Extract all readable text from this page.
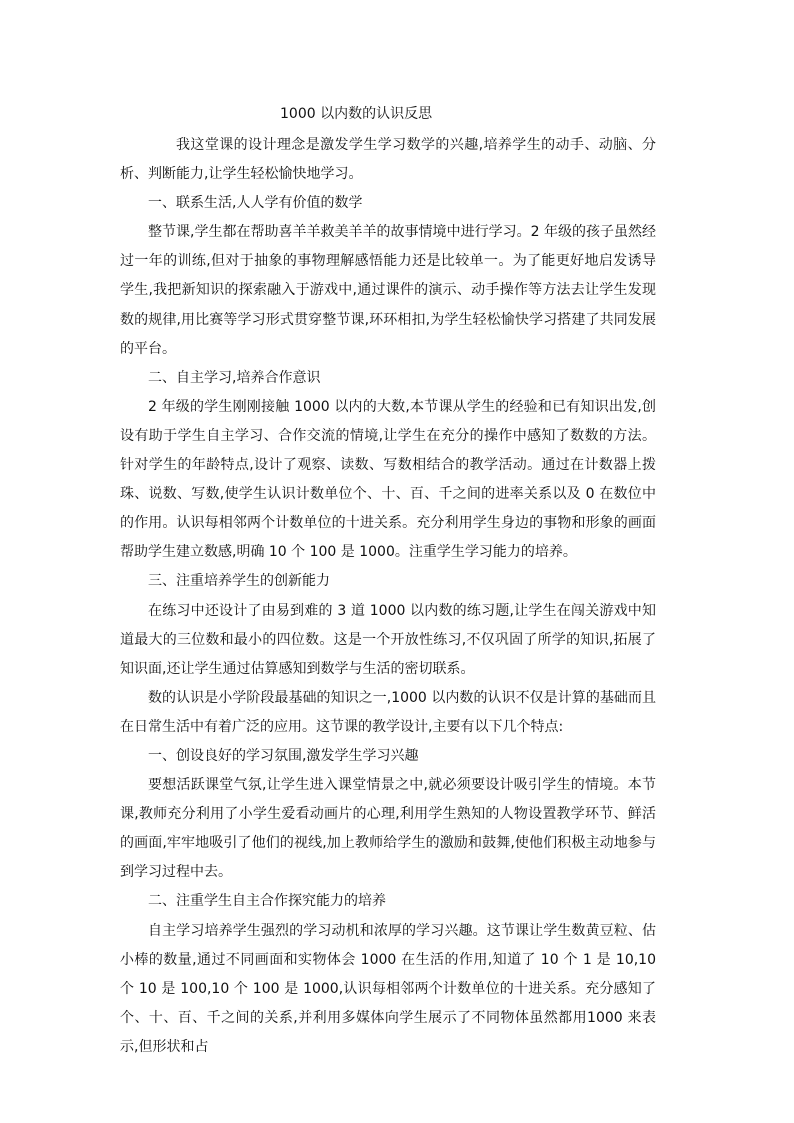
1000 以内数的认识反思

我这堂课的设计理念是激发学生学习数学的兴趣,培养学生的动手、动脑、分析、判断能力,让学生轻松愉快地学习。

一、联系生活,人人学有价值的数学

整节课,学生都在帮助喜羊羊救美羊羊的故事情境中进行学习。2 年级的孩子虽然经过一年的训练,但对于抽象的事物理解感悟能力还是比较单一。为了能更好地启发诱导学生,我把新知识的探索融入于游戏中,通过课件的演示、动手操作等方法去让学生发现数的规律,用比赛等学习形式贯穿整节课,环环相扣,为学生轻松愉快学习搭建了共同发展的平台。

二、自主学习,培养合作意识

2 年级的学生刚刚接触 1000 以内的大数,本节课从学生的经验和已有知识出发,创设有助于学生自主学习、合作交流的情境,让学生在充分的操作中感知了数数的方法。针对学生的年龄特点,设计了观察、读数、写数相结合的教学活动。通过在计数器上拨珠、说数、写数,使学生认识计数单位个、十、百、千之间的进率关系以及 0 在数位中的作用。认识每相邻两个计数单位的十进关系。充分利用学生身边的事物和形象的画面帮助学生建立数感,明确 10 个 100 是 1000。注重学生学习能力的培养。

三、注重培养学生的创新能力

在练习中还设计了由易到难的 3 道 1000 以内数的练习题,让学生在闯关游戏中知道最大的三位数和最小的四位数。这是一个开放性练习,不仅巩固了所学的知识,拓展了知识面,还让学生通过估算感知到数学与生活的密切联系。

数的认识是小学阶段最基础的知识之一,1000 以内数的认识不仅是计算的基础而且在日常生活中有着广泛的应用。这节课的教学设计,主要有以下几个特点:

一、创设良好的学习氛围,激发学生学习兴趣

要想活跃课堂气氛,让学生进入课堂情景之中,就必须要设计吸引学生的情境。本节课,教师充分利用了小学生爱看动画片的心理,利用学生熟知的人物设置教学环节、鲜活的画面,牢牢地吸引了他们的视线,加上教师给学生的激励和鼓舞,使他们积极主动地参与到学习过程中去。

二、注重学生自主合作探究能力的培养

自主学习培养学生强烈的学习动机和浓厚的学习兴趣。这节课让学生数黄豆粒、估小棒的数量,通过不同画面和实物体会 1000 在生活的作用,知道了 10 个 1 是 10,10 个 10 是 100,10 个 100 是 1000,认识每相邻两个计数单位的十进关系。充分感知了个、十、百、千之间的关系,并利用多媒体向学生展示了不同物体虽然都用1000 来表示,但形状和占
